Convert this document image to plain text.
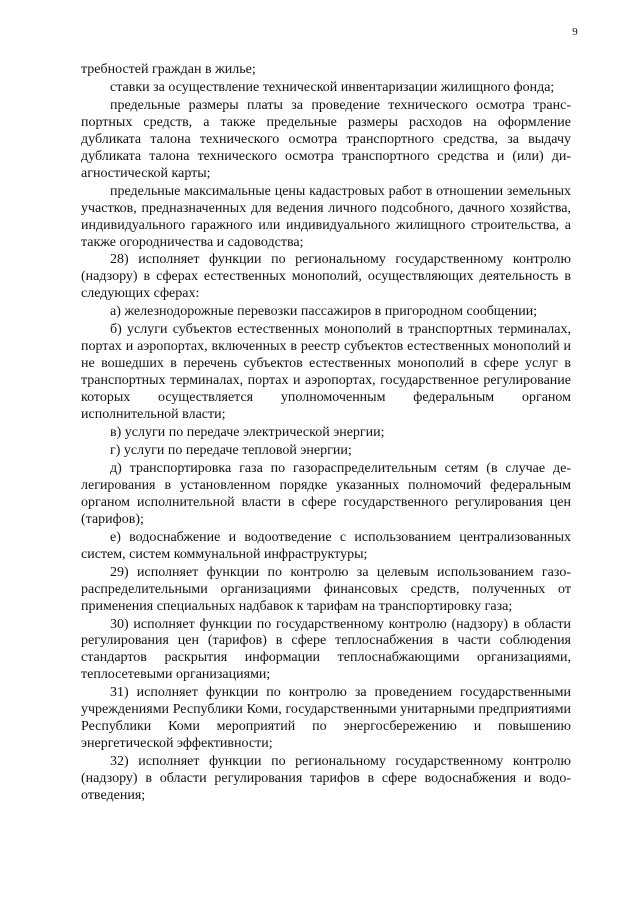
9

требностей граждан в жилье;

ставки за осуществление технической инвентаризации жилищного фонда;

предельные размеры платы за проведение технического осмотра транспортных средств, а также предельные размеры расходов на оформление дубликата талона технического осмотра транспортного средства, за выдачу дубликата талона технического осмотра транспортного средства и (или) диагностической карты;

предельные максимальные цены кадастровых работ в отношении земельных участков, предназначенных для ведения личного подсобного, дачного хозяйства, индивидуального гаражного или индивидуального жилищного строительства, а также огородничества и садоводства;

28) исполняет функции по региональному государственному контролю (надзору) в сферах естественных монополий, осуществляющих деятельность в следующих сферах:

а) железнодорожные перевозки пассажиров в пригородном сообщении;

б) услуги субъектов естественных монополий в транспортных терминалах, портах и аэропортах, включенных в реестр субъектов естественных монополий и не вошедших в перечень субъектов естественных монополий в сфере услуг в транспортных терминалах, портах и аэропортах, государственное регулирование которых осуществляется уполномоченным федеральным органом исполнительной власти;

в) услуги по передаче электрической энергии;

г) услуги по передаче тепловой энергии;

д) транспортировка газа по газораспределительным сетям (в случае делегирования в установленном порядке указанных полномочий федеральным органом исполнительной власти в сфере государственного регулирования цен (тарифов);

е) водоснабжение и водоотведение с использованием централизованных систем, систем коммунальной инфраструктуры;

29) исполняет функции по контролю за целевым использованием газораспределительными организациями финансовых средств, полученных от применения специальных надбавок к тарифам на транспортировку газа;

30) исполняет функции по государственному контролю (надзору) в области регулирования цен (тарифов) в сфере теплоснабжения в части соблюдения стандартов раскрытия информации теплоснабжающими организациями, теплосетевыми организациями;

31) исполняет функции по контролю за проведением государственными учреждениями Республики Коми, государственными унитарными предприятиями Республики Коми мероприятий по энергосбережению и повышению энергетической эффективности;

32) исполняет функции по региональному государственному контролю (надзору) в области регулирования тарифов в сфере водоснабжения и водоотведения;
